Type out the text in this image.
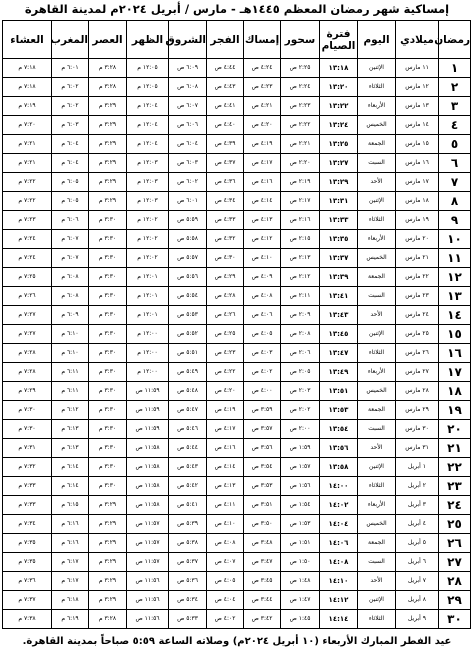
إمساكية شهر رمضان المعظم ١٤٤٥هـ - مارس / أبريل ٢٠٢٤م لمدينة القاهرة
رمضان	ميلادي	اليوم	فترة الصيام	سحور	إمساك	الفجر	الشروق	الظهر	العصر	المغرب	العشاء
١	١١ مارس	الإثنين	١٣:١٨	٢:٢٥ ص	٤:٢٤ ص	٤:٤٤ ص	٦:٠٩ ص	١٢:٠٥ م	٣:٢٨ م	٦:٠١ م	٧:١٨ م
٢	١٢ مارس	الثلاثاء	١٣:٢٠	٢:٢٤ ص	٤:٢٣ ص	٤:٤٣ ص	٦:٠٨ ص	١٢:٠٥ م	٣:٢٨ م	٦:٠٢ م	٧:١٨ م
٣	١٣ مارس	الأربعاء	١٣:٢٢	٢:٢٣ ص	٤:٢١ ص	٤:٤١ ص	٦:٠٧ ص	١٢:٠٤ م	٣:٢٩ م	٦:٠٢ م	٧:١٩ م
٤	١٤ مارس	الخميس	١٣:٢٤	٢:٢٢ ص	٤:٢٠ ص	٤:٤٠ ص	٦:٠٦ ص	١٢:٠٤ م	٣:٢٩ م	٦:٠٣ م	٧:٢٠ م
٥	١٥ مارس	الجمعة	١٣:٢٥	٢:٢١ ص	٤:١٩ ص	٤:٣٩ ص	٦:٠٤ ص	١٢:٠٤ م	٣:٢٩ م	٦:٠٤ م	٧:٢١ م
٦	١٦ مارس	السبت	١٣:٢٧	٢:٢٠ ص	٤:١٧ ص	٤:٣٧ ص	٦:٠٣ ص	١٢:٠٣ م	٣:٢٩ م	٦:٠٤ م	٧:٢١ م
٧	١٧ مارس	الأحد	١٣:٢٩	٢:١٩ ص	٤:١٦ ص	٤:٣٦ ص	٦:٠٢ ص	١٢:٠٣ م	٣:٢٩ م	٦:٠٥ م	٧:٢٢ م
٨	١٨ مارس	الإثنين	١٣:٣١	٢:١٧ ص	٤:١٤ ص	٤:٣٤ ص	٦:٠١ ص	١٢:٠٣ م	٣:٢٩ م	٦:٠٥ م	٧:٢٢ م
٩	١٩ مارس	الثلاثاء	١٣:٣٣	٢:١٦ ص	٤:١٣ ص	٤:٣٣ ص	٥:٥٩ ص	١٢:٠٢ م	٣:٣٠ م	٦:٠٦ م	٧:٢٣ م
١٠	٢٠ مارس	الأربعاء	١٣:٣٥	٢:١٥ ص	٤:١٢ ص	٤:٣٢ ص	٥:٥٨ ص	١٢:٠٢ م	٣:٣٠ م	٦:٠٧ م	٧:٢٤ م
١١	٢١ مارس	الخميس	١٣:٣٧	٢:١٣ ص	٤:١٠ ص	٤:٣٠ ص	٥:٥٧ ص	١٢:٠٢ م	٣:٣٠ م	٦:٠٧ م	٧:٢٤ م
١٢	٢٢ مارس	الجمعة	١٣:٣٩	٢:١٢ ص	٤:٠٩ ص	٤:٢٩ ص	٥:٥٦ ص	١٢:٠١ م	٣:٣٠ م	٦:٠٨ م	٧:٢٥ م
١٣	٢٣ مارس	السبت	١٣:٤١	٢:١١ ص	٤:٠٨ ص	٤:٢٨ ص	٥:٥٤ ص	١٢:٠١ م	٣:٣٠ م	٦:٠٨ م	٧:٢٦ م
١٤	٢٤ مارس	الأحد	١٣:٤٣	٢:٠٩ ص	٤:٠٦ ص	٤:٢٦ ص	٥:٥٣ ص	١٢:٠١ م	٣:٣٠ م	٦:٠٩ م	٧:٢٧ م
١٥	٢٥ مارس	الإثنين	١٣:٤٥	٢:٠٨ ص	٤:٠٥ ص	٤:٢٥ ص	٥:٥٢ ص	١٢:٠٠ م	٣:٣٠ م	٦:١٠ م	٧:٢٧ م
١٦	٢٦ مارس	الثلاثاء	١٣:٤٧	٢:٠٦ ص	٤:٠٣ ص	٤:٢٣ ص	٥:٥١ ص	١٢:٠٠ م	٣:٣٠ م	٦:١٠ م	٧:٢٨ م
١٧	٢٧ مارس	الأربعاء	١٣:٤٩	٢:٠٥ ص	٤:٠٢ ص	٤:٢٢ ص	٥:٤٩ ص	١٢:٠٠ م	٣:٣٠ م	٦:١١ م	٧:٢٨ م
١٨	٢٨ مارس	الخميس	١٣:٥١	٢:٠٣ ص	٤:٠٠ ص	٤:٢٠ ص	٥:٤٨ ص	١١:٥٩ ص	٣:٣٠ م	٦:١١ م	٧:٢٩ م
١٩	٢٩ مارس	الجمعة	١٣:٥٣	٢:٠٢ ص	٣:٥٩ ص	٤:١٩ ص	٥:٤٧ ص	١١:٥٩ ص	٣:٣٠ م	٦:١٢ م	٧:٣٠ م
٢٠	٣٠ مارس	السبت	١٣:٥٤	٢:٠٠ ص	٣:٥٧ ص	٤:١٧ ص	٥:٤٦ ص	١١:٥٩ ص	٣:٣٠ م	٦:١٣ م	٧:٣٠ م
٢١	٣١ مارس	الأحد	١٣:٥٦	١:٥٩ ص	٣:٥٦ ص	٤:١٦ ص	٥:٤٤ ص	١١:٥٨ ص	٣:٣٠ م	٦:١٣ م	٧:٣١ م
٢٢	١ أبريل	الإثنين	١٣:٥٨	١:٥٧ ص	٣:٥٤ ص	٤:١٤ ص	٥:٤٣ ص	١١:٥٨ ص	٣:٣٠ م	٦:١٤ م	٧:٣٢ م
٢٣	٢ أبريل	الثلاثاء	١٤:٠٠	١:٥٦ ص	٣:٥٣ ص	٤:١٣ ص	٥:٤٢ ص	١١:٥٨ ص	٣:٣٠ م	٦:١٤ م	٧:٣٣ م
٢٤	٣ أبريل	الأربعاء	١٤:٠٢	١:٥٤ ص	٣:٥١ ص	٤:١١ ص	٥:٤١ ص	١١:٥٨ ص	٣:٢٩ م	٦:١٥ م	٧:٣٣ م
٢٥	٤ أبريل	الخميس	١٤:٠٤	١:٥٣ ص	٣:٥٠ ص	٤:١٠ ص	٥:٣٩ ص	١١:٥٧ ص	٣:٢٩ م	٦:١٦ م	٧:٣٤ م
٢٦	٥ أبريل	الجمعة	١٤:٠٦	١:٥١ ص	٣:٤٨ ص	٤:٠٨ ص	٥:٣٨ ص	١١:٥٧ ص	٣:٢٩ م	٦:١٦ م	٧:٣٥ م
٢٧	٦ أبريل	السبت	١٤:٠٨	١:٥٠ ص	٣:٤٧ ص	٤:٠٧ ص	٥:٣٧ ص	١١:٥٧ ص	٣:٢٩ م	٦:١٧ م	٧:٣٥ م
٢٨	٧ أبريل	الأحد	١٤:١٠	١:٤٨ ص	٣:٤٥ ص	٤:٠٥ ص	٥:٣٦ ص	١١:٥٦ ص	٣:٢٩ م	٦:١٧ م	٧:٣٦ م
٢٩	٨ أبريل	الإثنين	١٤:١٢	١:٤٧ ص	٣:٤٤ ص	٤:٠٤ ص	٥:٣٤ ص	١١:٥٦ ص	٣:٢٩ م	٦:١٨ م	٧:٣٧ م
٣٠	٩ أبريل	الثلاثاء	١٤:١٤	١:٤٥ ص	٣:٤٢ ص	٤:٠٢ ص	٥:٣٣ ص	١١:٥٦ ص	٣:٢٨ م	٦:١٩ م	٧:٣٨ م
عيد الفطر المبارك الأربعاء (١٠ أبريل ٢٠٢٤م) وصلاته الساعة ٥:٥٩ صباحاً بمدينة القاهرة.
